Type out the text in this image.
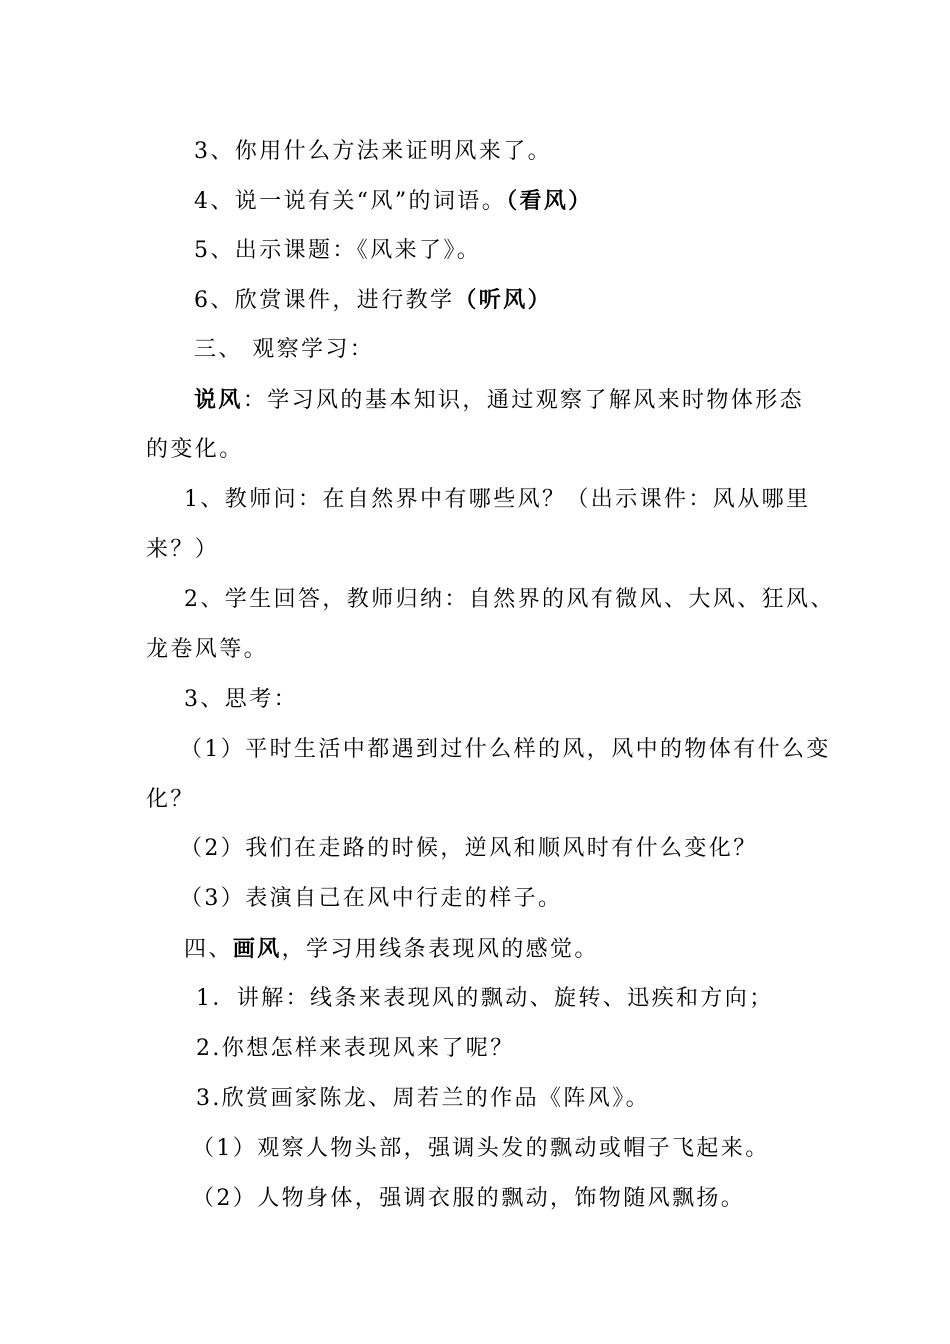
3、你用什么方法来证明风来了。
4、说一说有关“风”的词语。（看风）
5、出示课题：《风来了》。
6、欣赏课件，进行教学（听风）
三、 观察学习：
说风：学习风的基本知识，通过观察了解风来时物体形态
的变化。
1、教师问：在自然界中有哪些风？（出示课件：风从哪里
来？）
2、学生回答，教师归纳：自然界的风有微风、大风、狂风、
龙卷风等。
3、思考：
（1）平时生活中都遇到过什么样的风，风中的物体有什么变
化？
（2）我们在走路的时候，逆风和顺风时有什么变化？
（3）表演自己在风中行走的样子。
四、画风，学习用线条表现风的感觉。
1．讲解：线条来表现风的飘动、旋转、迅疾和方向；
2.你想怎样来表现风来了呢？
3.欣赏画家陈龙、周若兰的作品《阵风》。
（1）观察人物头部，强调头发的飘动或帽子飞起来。
（2）人物身体，强调衣服的飘动，饰物随风飘扬。
